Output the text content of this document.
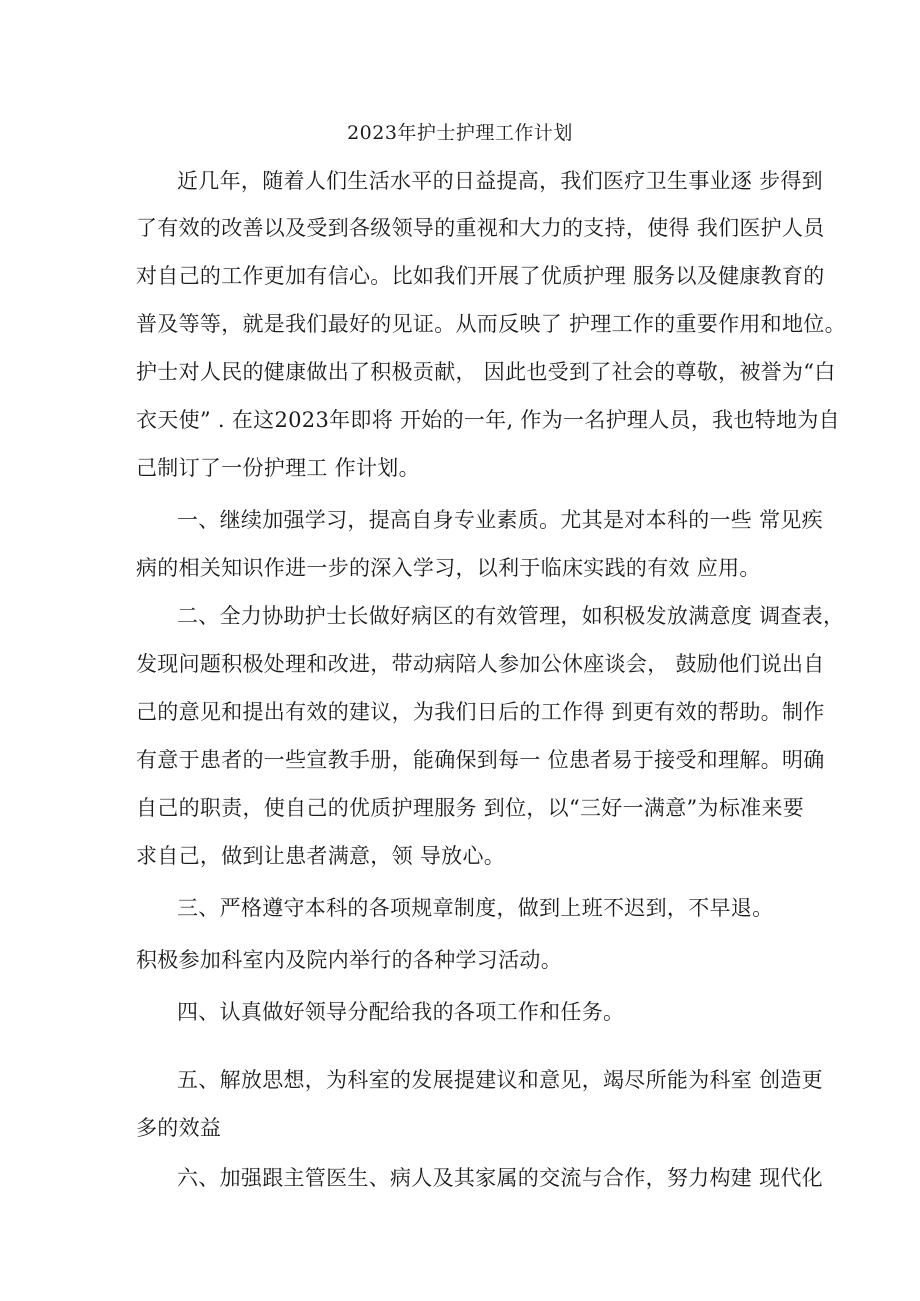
2023年护士护理工作计划
近几年，随着人们生活水平的日益提高，我们医疗卫生事业逐 步得到
了有效的改善以及受到各级领导的重视和大力的支持，使得 我们医护人员
对自己的工作更加有信心。比如我们开展了优质护理 服务以及健康教育的
普及等等，就是我们最好的见证。从而反映了 护理工作的重要作用和地位。
护士对人民的健康做出了积极贡献， 因此也受到了社会的尊敬，被誉为“白
衣天使” . 在这2023年即将 开始的一年, 作为一名护理人员，我也特地为自
己制订了一份护理工 作计划。
一、继续加强学习，提高自身专业素质。尤其是对本科的一些 常见疾
病的相关知识作进一步的深入学习，以利于临床实践的有效 应用。
二、全力协助护士长做好病区的有效管理，如积极发放满意度 调查表，
发现问题积极处理和改进，带动病陪人参加公休座谈会， 鼓励他们说出自
己的意见和提出有效的建议，为我们日后的工作得 到更有效的帮助。制作
有意于患者的一些宣教手册，能确保到每一 位患者易于接受和理解。明确
自己的职责，使自己的优质护理服务 到位，以“三好一满意”为标准来要
求自己，做到让患者满意，领 导放心。
三、严格遵守本科的各项规章制度，做到上班不迟到，不早退。
积极参加科室内及院内举行的各种学习活动。
四、认真做好领导分配给我的各项工作和任务。
五、解放思想，为科室的发展提建议和意见，竭尽所能为科室 创造更
多的效益
六、加强跟主管医生、病人及其家属的交流与合作，努力构建 现代化
